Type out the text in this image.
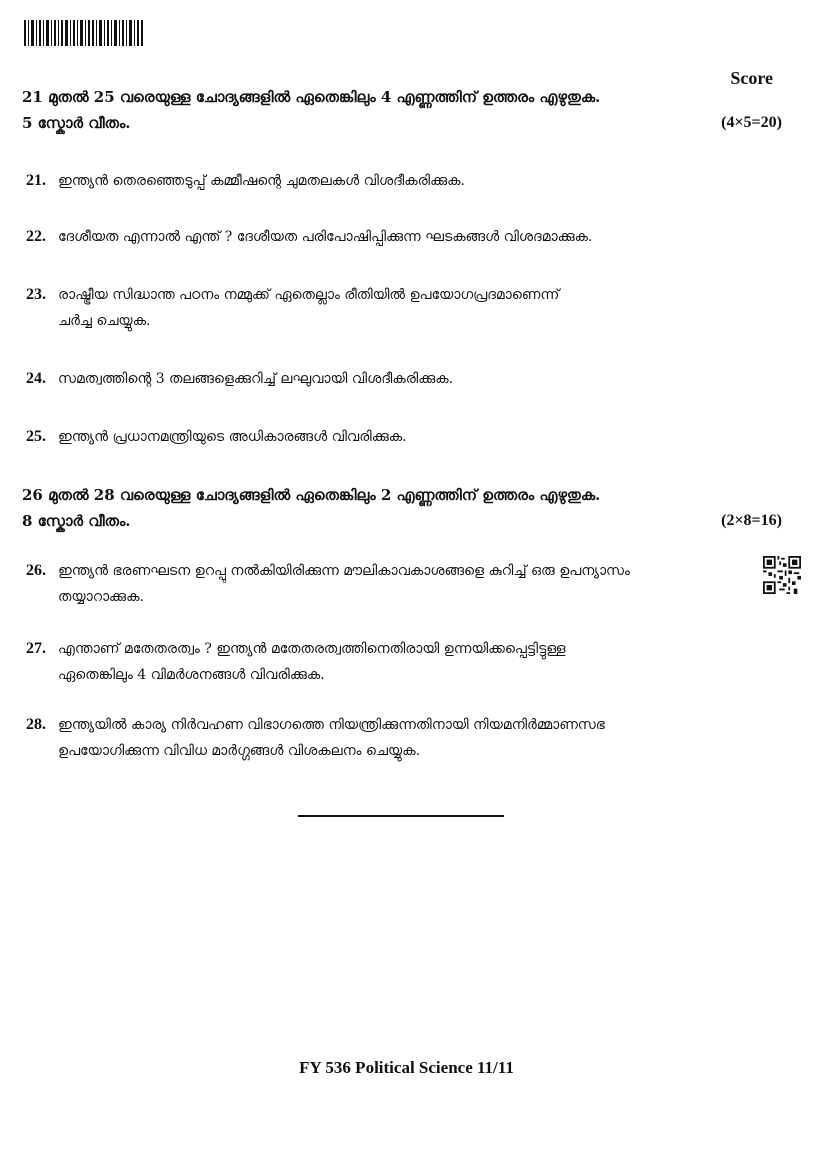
Score
21 മുതൽ 25 വരെയുള്ള ചോദ്യങ്ങളിൽ ഏതെങ്കിലും 4 എണ്ണത്തിന് ഉത്തരം എഴുതുക.
5 സ്കോർ വീതം.	(4×5=20)
21. ഇന്ത്യൻ തെരഞ്ഞെടുപ്പ് കമ്മീഷന്റെ ചുമതലകൾ വിശദീകരിക്കുക.
22. ദേശീയത എന്നാൽ എന്ത് ? ദേശീയത പരിപോഷിപ്പിക്കുന്ന ഘടകങ്ങൾ വിശദമാക്കുക.
23. രാഷ്ട്രീയ സിദ്ധാന്ത പഠനം നമ്മുക്ക് ഏതെല്ലാം രീതിയിൽ ഉപയോഗപ്രദമാണെന്ന്
ചർച്ച ചെയ്യുക.
24. സമത്വത്തിന്റെ 3 തലങ്ങളെക്കുറിച്ച് ലഘുവായി വിശദീകരിക്കുക.
25. ഇന്ത്യൻ പ്രധാനമന്ത്രിയുടെ അധികാരങ്ങൾ വിവരിക്കുക.
26 മുതൽ 28 വരെയുള്ള ചോദ്യങ്ങളിൽ ഏതെങ്കിലും 2 എണ്ണത്തിന് ഉത്തരം എഴുതുക.
8 സ്കോർ വീതം.	(2×8=16)
26. ഇന്ത്യൻ ഭരണഘടന ഉറപ്പു നൽകിയിരിക്കുന്ന മൗലികാവകാശങ്ങളെ കുറിച്ച് ഒരു ഉപന്യാസം
തയ്യാറാക്കുക.
27. എന്താണ് മതേതരത്വം ? ഇന്ത്യൻ മതേതരത്വത്തിനെതിരായി ഉന്നയിക്കപ്പെട്ടിട്ടുള്ള
ഏതെങ്കിലും 4 വിമർശനങ്ങൾ വിവരിക്കുക.
28. ഇന്ത്യയിൽ കാര്യ നിർവഹണ വിഭാഗത്തെ നിയന്ത്രിക്കുന്നതിനായി നിയമനിർമ്മാണസഭ
ഉപയോഗിക്കുന്ന വിവിധ മാർഗ്ഗങ്ങൾ വിശകലനം ചെയ്യുക.
FY 536 Political Science 11/11
